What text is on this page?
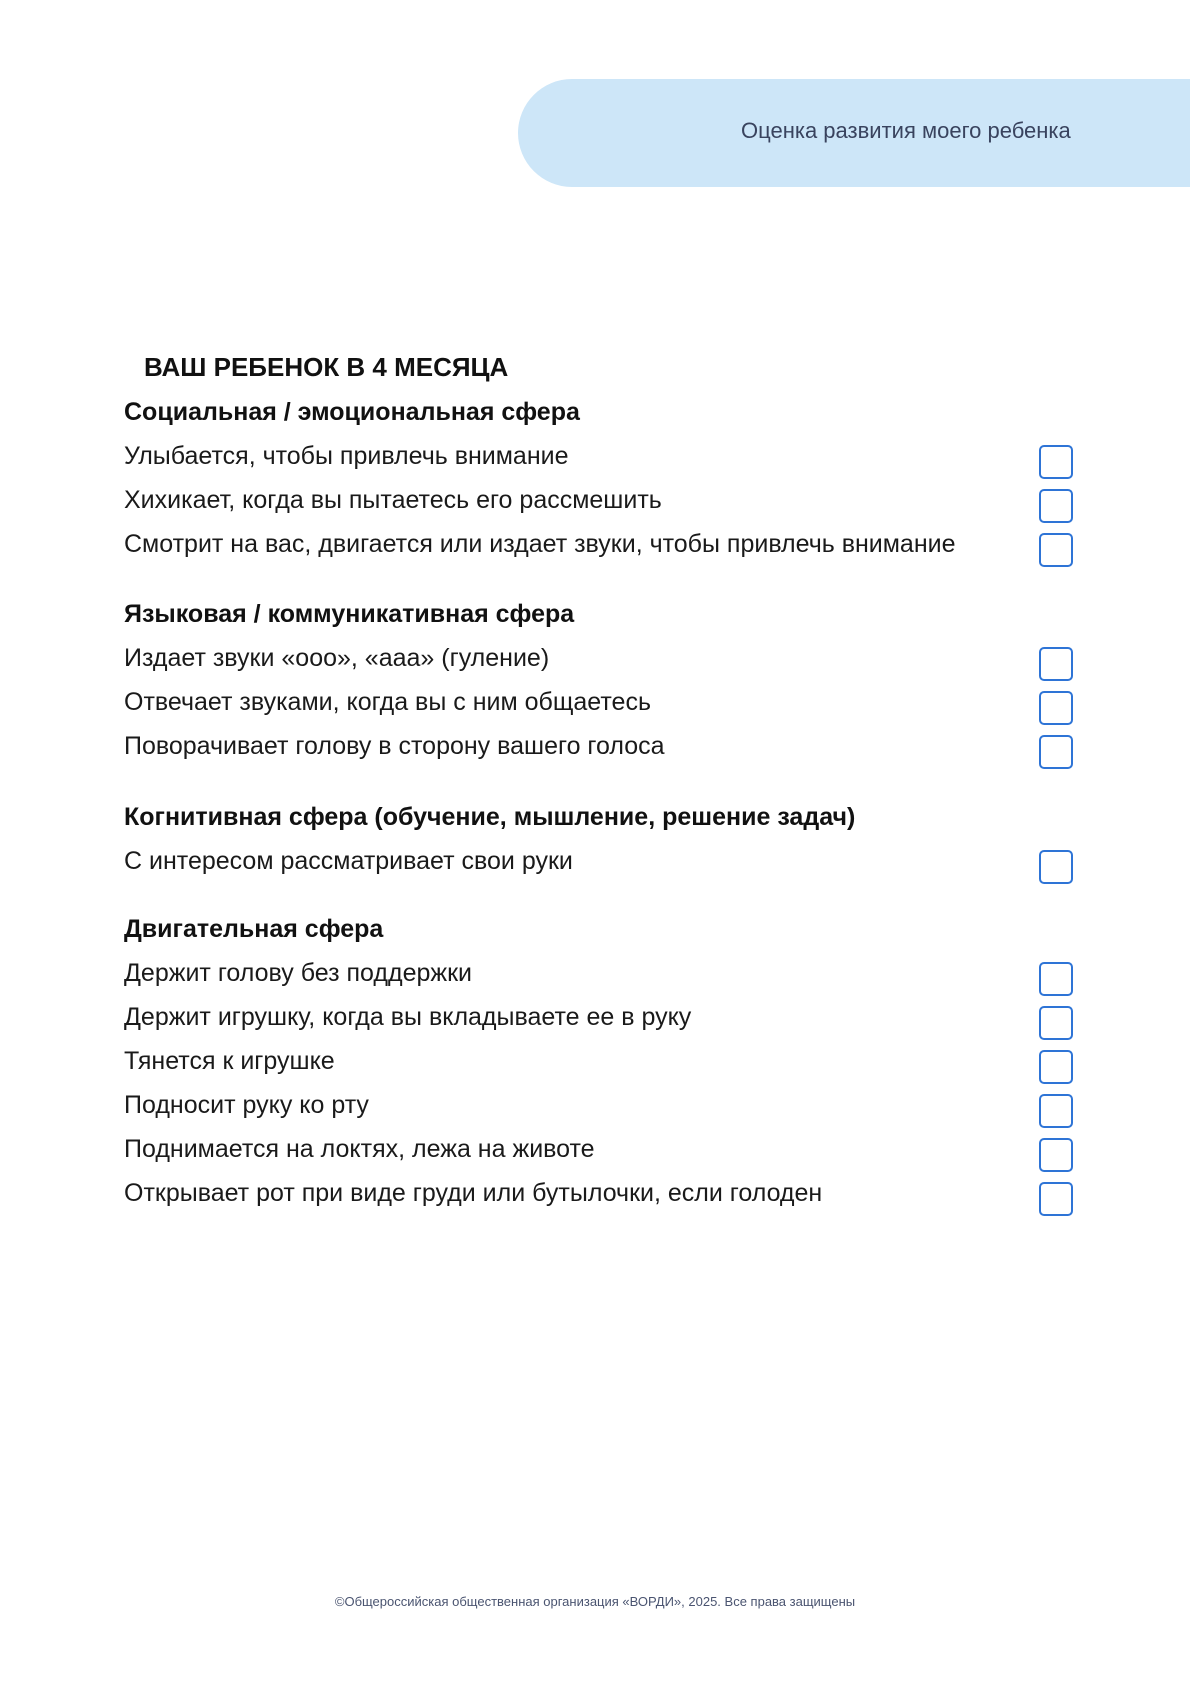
Оценка развития моего ребенка
ВАШ РЕБЕНОК В 4 МЕСЯЦА
Социальная / эмоциональная сфера
Улыбается, чтобы привлечь внимание
Хихикает, когда вы пытаетесь его рассмешить
Смотрит на вас, двигается или издает звуки, чтобы привлечь внимание
Языковая / коммуникативная сфера
Издает звуки «ооо», «ааа» (гуление)
Отвечает звуками, когда вы с ним общаетесь
Поворачивает голову в сторону вашего голоса
Когнитивная сфера (обучение, мышление, решение задач)
С интересом рассматривает свои руки
Двигательная сфера
Держит голову без поддержки
Держит игрушку, когда вы вкладываете ее в руку
Тянется к игрушке
Подносит руку ко рту
Поднимается на локтях, лежа на животе
Открывает рот при виде груди или бутылочки, если голоден
©Общероссийская общественная организация «ВОРДИ», 2025. Все права защищены
